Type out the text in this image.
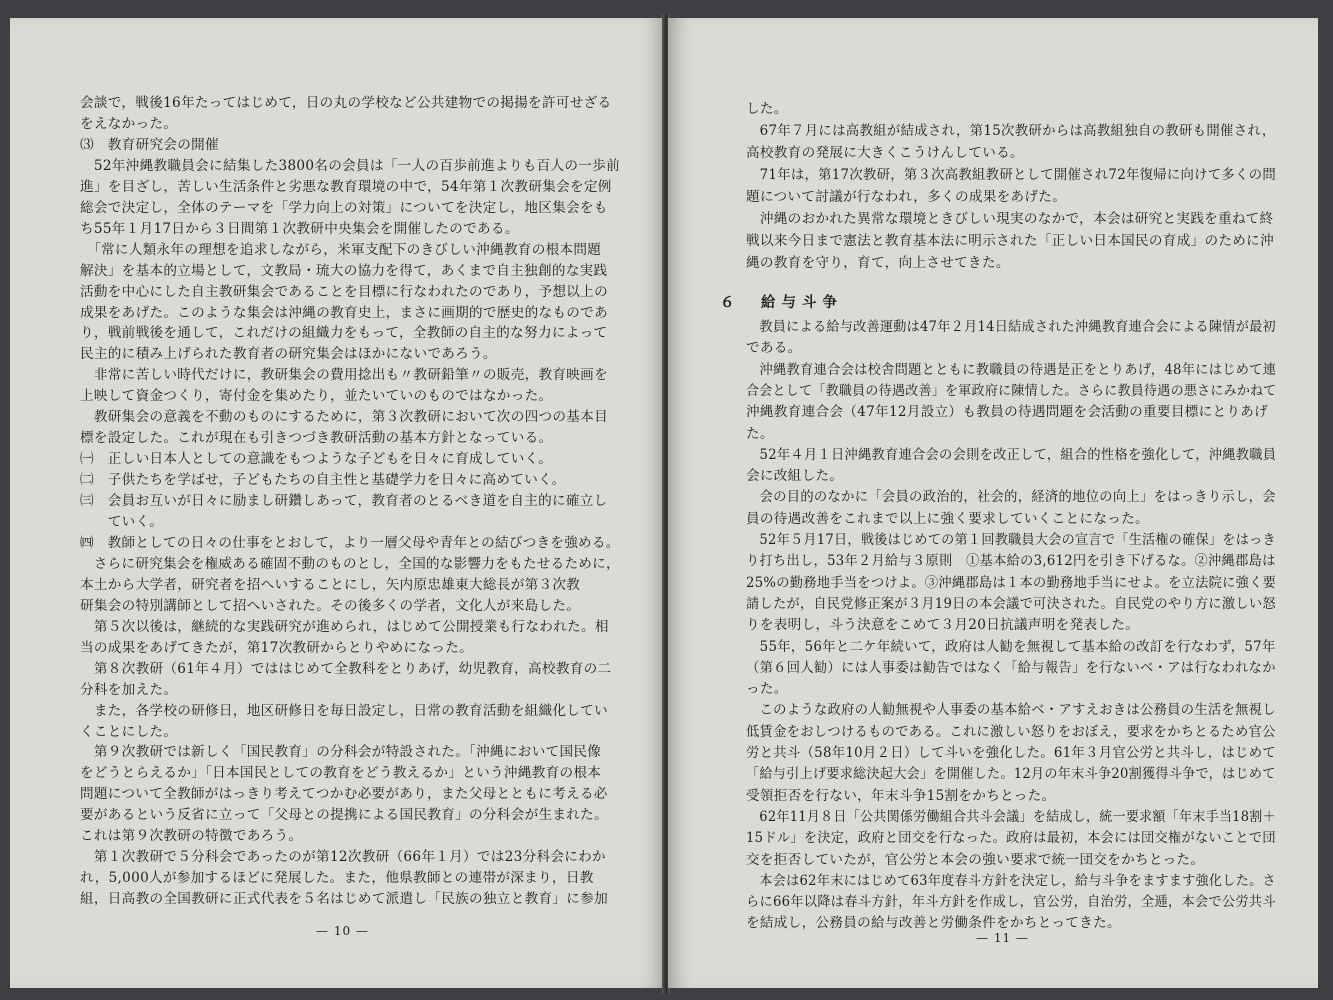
会談で，戦後16年たってはじめて，日の丸の学校など公共建物での掲揚を許可せざる
をえなかった。
⑶　教育研究会の開催
　52年沖縄教職員会に結集した3800名の会員は「一人の百歩前進よりも百人の一歩前
進」を目ざし，苦しい生活条件と劣悪な教育環境の中で，54年第１次教研集会を定例
総会で決定し，全体のテーマを「学力向上の対策」についてを決定し，地区集会をも
ち55年１月17日から３日間第１次教研中央集会を開催したのである。
　「常に人類永年の理想を追求しながら，米軍支配下のきびしい沖縄教育の根本問題
解決」を基本的立場として，文教局・琉大の協力を得て，あくまで自主独創的な実践
活動を中心にした自主教研集会であることを目標に行なわれたのであり，予想以上の
成果をあげた。このような集会は沖縄の教育史上，まさに画期的で歴史的なものであ
り，戦前戦後を通して，これだけの組織力をもって，全教師の自主的な努力によって
民主的に積み上げられた教育者の研究集会はほかにないであろう。
　非常に苦しい時代だけに，教研集会の費用捻出も〃教研鉛筆〃の販売，教育映画を
上映して資金つくり，寄付金を集めたり，並たいていのものではなかった。
　教研集会の意義を不動のものにするために，第３次教研において次の四つの基本目
標を設定した。これが現在も引きつづき教研活動の基本方針となっている。
㈠　正しい日本人としての意識をもつような子どもを日々に育成していく。
㈡　子供たちを学ばせ，子どもたちの自主性と基礎学力を日々に高めていく。
㈢　会員お互いが日々に励まし研鑽しあって，教育者のとるべき道を自主的に確立し
　　ていく。
㈣　教師としての日々の仕事をとおして，より一層父母や青年との結びつきを強める。
　さらに研究集会を権威ある確固不動のものとし，全国的な影響力をもたせるために，
本土から大学者，研究者を招へいすることにし，矢内原忠雄東大総長が第３次教
研集会の特別講師として招へいされた。その後多くの学者，文化人が来島した。
　第５次以後は，継続的な実践研究が進められ，はじめて公開授業も行なわれた。相
当の成果をあげてきたが，第17次教研からとりやめになった。
　第８次教研（61年４月）でははじめて全教科をとりあげ，幼児教育，高校教育の二
分科を加えた。
　また，各学校の研修日，地区研修日を毎日設定し，日常の教育活動を組織化してい
くことにした。
　第９次教研では新しく「国民教育」の分科会が特設された。「沖縄において国民像
をどうとらえるか」「日本国民としての教育をどう教えるか」という沖縄教育の根本
問題について全教師がはっきり考えてつかむ必要があり，また父母とともに考える必
要があるという反省に立って「父母との提携による国民教育」の分科会が生まれた。
これは第９次教研の特徴であろう。
　第１次教研で５分科会であったのが第12次教研（66年１月）では23分科会にわか
れ，5,000人が参加するほどに発展した。また，他県教師との連帯が深まり，日教
組，日高教の全国教研に正式代表を５名はじめて派遣し「民族の独立と教育」に参加
— 10 —
した。
　67年７月には高教組が結成され，第15次教研からは高教組独自の教研も開催され，
高校教育の発展に大きくこうけんしている。
　71年は，第17次教研，第３次高教組教研として開催され72年復帰に向けて多くの問
題について討議が行なわれ，多くの成果をあげた。
　沖縄のおかれた異常な環境ときびしい現実のなかで，本会は研究と実践を重ねて終
戦以来今日まで憲法と教育基本法に明示された「正しい日本国民の育成」のために沖
縄の教育を守り，育て，向上させてきた。
６　給与斗争
　教員による給与改善運動は47年２月14日結成された沖縄教育連合会による陳情が最初
である。
　沖縄教育連合会は校舎問題とともに教職員の待遇是正をとりあげ，48年にはじめて連
合会として「教職員の待遇改善」を軍政府に陳情した。さらに教員待遇の悪さにみかねて
沖縄教育連合会（47年12月設立）も教員の待遇問題を会活動の重要目標にとりあげ
た。
　52年４月１日沖縄教育連合会の会則を改正して，組合的性格を強化して，沖縄教職員
会に改組した。
　会の目的のなかに「会員の政治的，社会的，経済的地位の向上」をはっきり示し，会
員の待遇改善をこれまで以上に強く要求していくことになった。
　52年５月17日，戦後はじめての第１回教職員大会の宣言で「生活権の確保」をはっき
り打ち出し，53年２月給与３原則　①基本給の3,612円を引き下げるな。②沖縄郡島は
25%の勤務地手当をつけよ。③沖縄郡島は１本の勤務地手当にせよ。を立法院に強く要
請したが，自民党修正案が３月19日の本会議で可決された。自民党のやり方に激しい怒
りを表明し，斗う決意をこめて３月20日抗議声明を発表した。
　55年，56年と二ケ年続いて，政府は人勧を無視して基本給の改訂を行なわず，57年
（第６回人勧）には人事委は勧告ではなく「給与報告」を行ないベ・アは行なわれなか
った。
　このような政府の人勧無視や人事委の基本給ベ・アすえおきは公務員の生活を無視し
低賃金をおしつけるものである。これに激しい怒りをおぼえ，要求をかちとるため官公
労と共斗（58年10月２日）して斗いを強化した。61年３月官公労と共斗し，はじめて
「給与引上げ要求総決起大会」を開催した。12月の年末斗争20割獲得斗争で，はじめて
受領拒否を行ない，年末斗争15割をかちとった。
　62年11月８日「公共関係労働組合共斗会議」を結成し，統一要求額「年末手当18割＋
15ドル」を決定，政府と団交を行なった。政府は最初，本会には団交権がないことで団
交を拒否していたが，官公労と本会の強い要求で統一団交をかちとった。
　本会は62年末にはじめて63年度春斗方針を決定し，給与斗争をますます強化した。さ
らに66年以降は春斗方針，年斗方針を作成し，官公労，自治労，全逓，本会で公労共斗
を結成し，公務員の給与改善と労働条件をかちとってきた。
— 11 —
